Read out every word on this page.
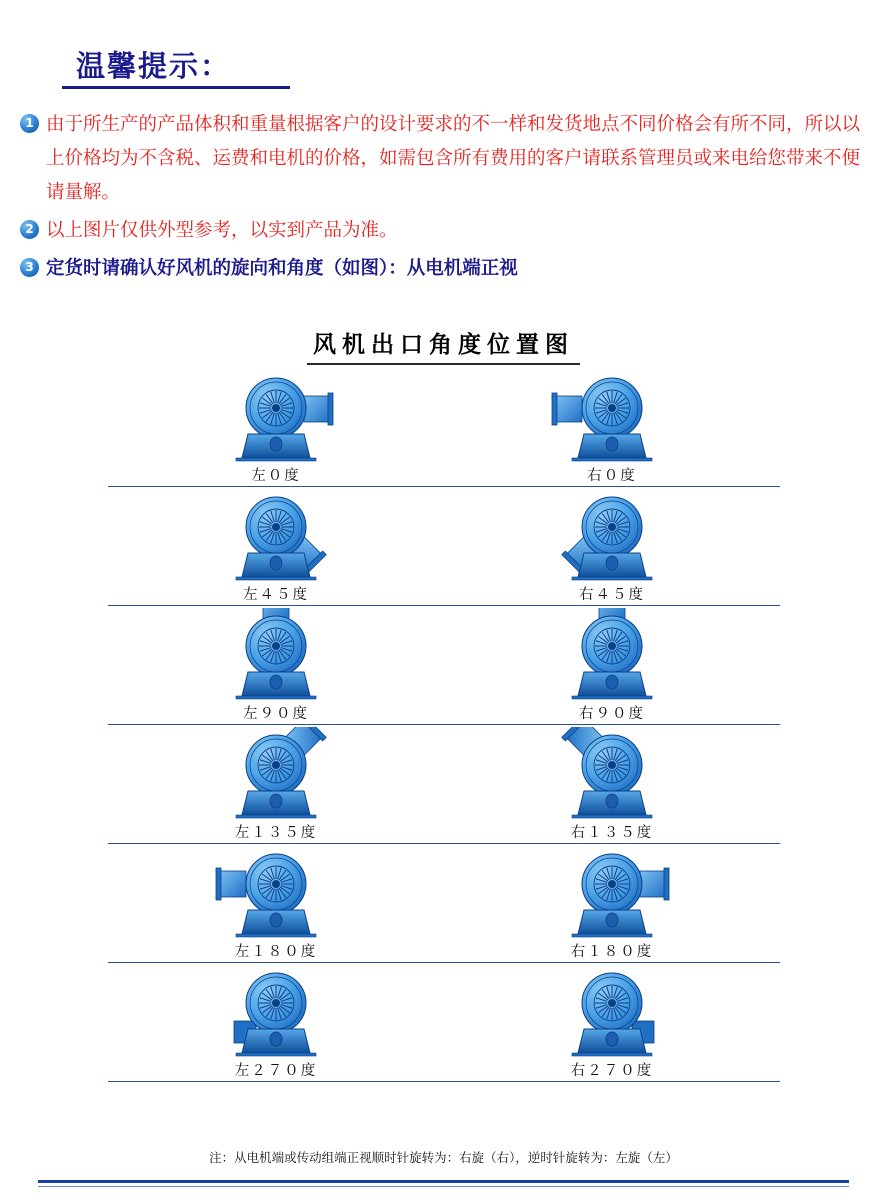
温馨提示：
1 由于所生产的产品体积和重量根据客户的设计要求的不一样和发货地点不同价格会有所不同，所以以上价格均为不含税、运费和电机的价格，如需包含所有费用的客户请联系管理员或来电给您带来不便请量解。
2 以上图片仅供外型参考，以实到产品为准。
3 定货时请确认好风机的旋向和角度（如图）：从电机端正视
风机出口角度位置图
左０度	右０度
左４５度	右４５度
左９０度	右９０度
左１３５度	右１３５度
左１８０度	右１８０度
左２７０度	右２７０度
注：从电机端或传动组端正视顺时针旋转为：右旋（右），逆时针旋转为：左旋（左）
